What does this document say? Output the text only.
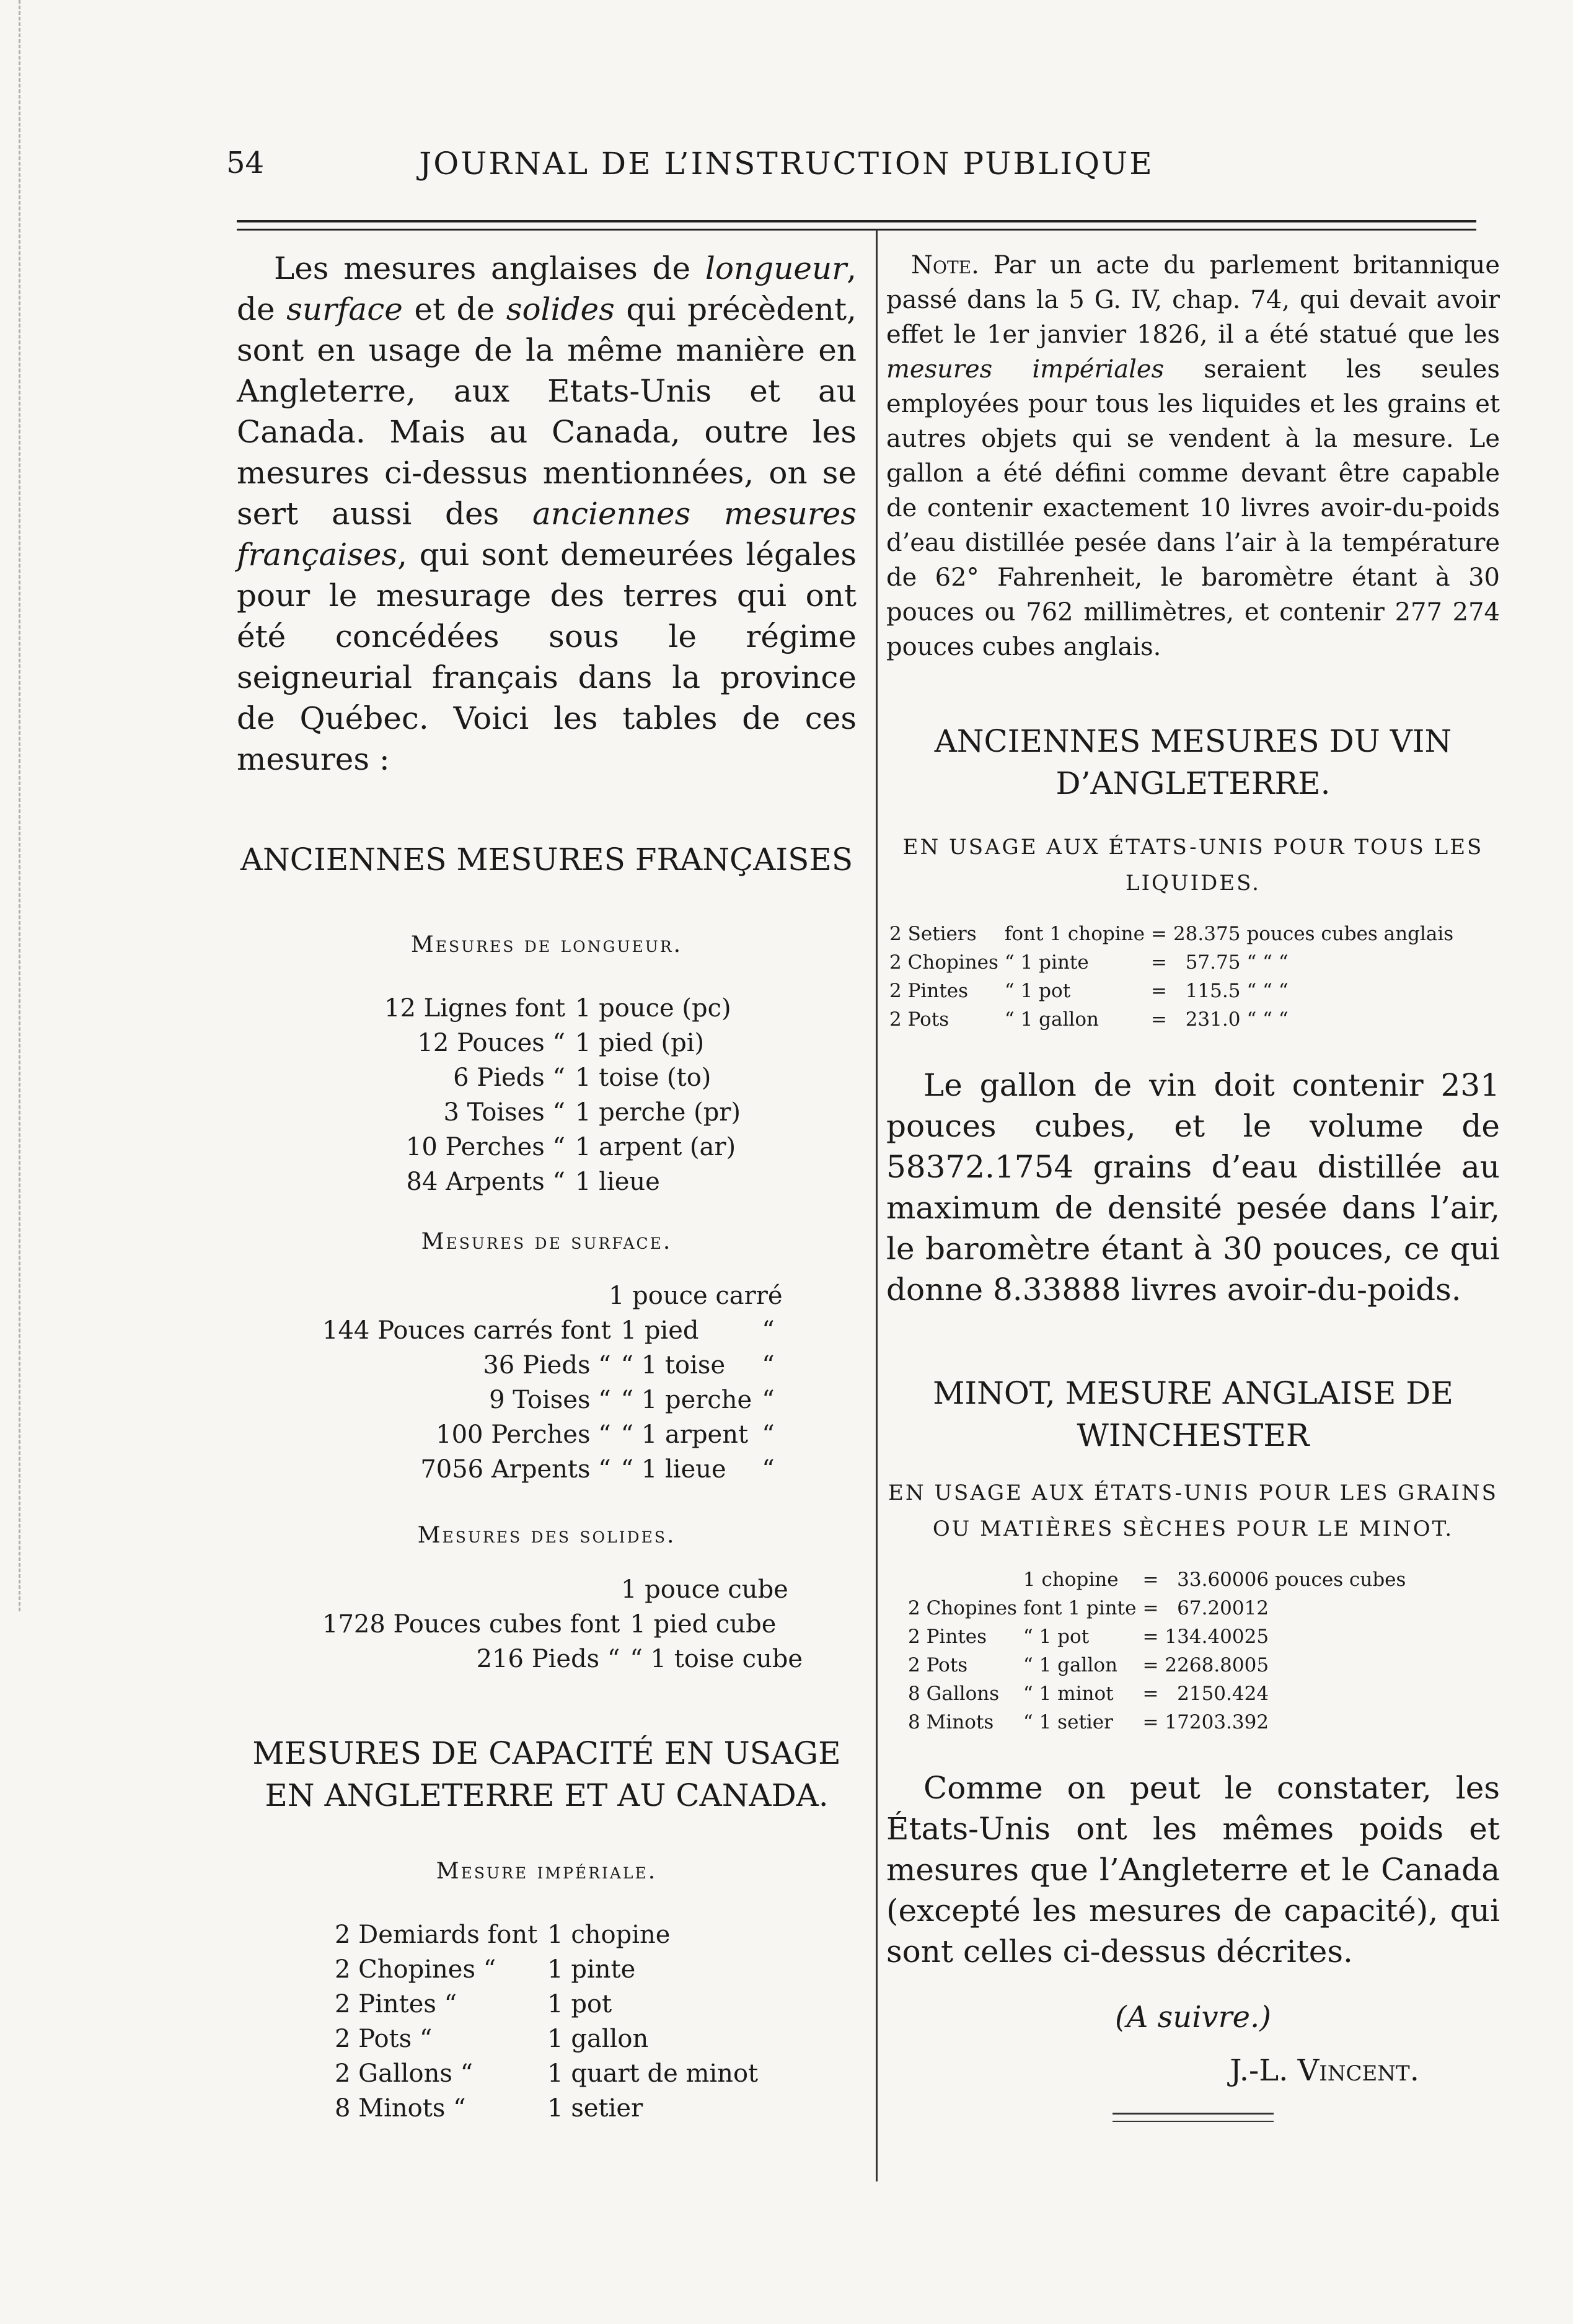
54	JOURNAL DE L’INSTRUCTION PUBLIQUE

Les mesures anglaises de longueur, de surface et de solides qui précèdent, sont en usage de la même manière en Angleterre, aux Etats-Unis et au Canada. Mais au Canada, outre les mesures ci-dessus mentionnées, on se sert aussi des anciennes mesures françaises, qui sont demeurées légales pour le mesurage des terres qui ont été concédées sous le régime seigneurial français dans la province de Québec. Voici les tables de ces mesures :

ANCIENNES MESURES FRANÇAISES

Mesures de longueur.

12 Lignes font	1 pouce (pc)
12 Pouces “	1 pied (pi)
6 Pieds “	1 toise (to)
3 Toises “	1 perche (pr)
10 Perches “	1 arpent (ar)
84 Arpents “	1 lieue

Mesures de surface.

1 pouce carré
144 Pouces carrés font	1 pied	“
36 Pieds “	“ 1 toise	“
9 Toises “	“ 1 perche	“
100 Perches “	“ 1 arpent	“
7056 Arpents “	“ 1 lieue	“

Mesures des solides.

1 pouce cube
1728 Pouces cubes font	1 pied cube
216 Pieds “	“ 1 toise cube

MESURES DE CAPACITÉ EN USAGE EN ANGLETERRE ET AU CANADA.

Mesure impériale.

2 Demiards font	1 chopine
2 Chopines “	1 pinte
2 Pintes “	1 pot
2 Pots “	1 gallon
2 Gallons “	1 quart de minot
8 Minots “	1 setier

Note. Par un acte du parlement britannique passé dans la 5 G. IV, chap. 74, qui devait avoir effet le 1er janvier 1826, il a été statué que les mesures impériales seraient les seules employées pour tous les liquides et les grains et autres objets qui se vendent à la mesure. Le gallon a été défini comme devant être capable de contenir exactement 10 livres avoir-du-poids d’eau distillée pesée dans l’air à la température de 62° Fahrenheit, le baromètre étant à 30 pouces ou 762 millimètres, et contenir 277 274 pouces cubes anglais.

ANCIENNES MESURES DU VIN D’ANGLETERRE.

EN USAGE AUX ÉTATS-UNIS POUR TOUS LES LIQUIDES.

2 Setiers	font 1 chopine	=	28.375	pouces cubes anglais
2 Chopines	“ 1 pinte	=	57.75	“ “ “
2 Pintes	“ 1 pot	=	115.5	“ “ “
2 Pots	“ 1 gallon	=	231.0	“ “ “

Le gallon de vin doit contenir 231 pouces cubes, et le volume de 58372.1754 grains d’eau distillée au maximum de densité pesée dans l’air, le baromètre étant à 30 pouces, ce qui donne 8.33888 livres avoir-du-poids.

MINOT, MESURE ANGLAISE DE WINCHESTER

EN USAGE AUX ÉTATS-UNIS POUR LES GRAINS OU MATIÈRES SÈCHES POUR LE MINOT.

	1 chopine	=	33.60006	pouces cubes
2 Chopines	font 1 pinte	=	67.20012	
2 Pintes	“ 1 pot	=	134.40025	
2 Pots	“ 1 gallon	=	2268.8005	
8 Gallons	“ 1 minot	=	2150.424	
8 Minots	“ 1 setier	=	17203.392	

Comme on peut le constater, les États-Unis ont les mêmes poids et mesures que l’Angleterre et le Canada (excepté les mesures de capacité), qui sont celles ci-dessus décrites.

(A suivre.)

J.-L. Vincent.
